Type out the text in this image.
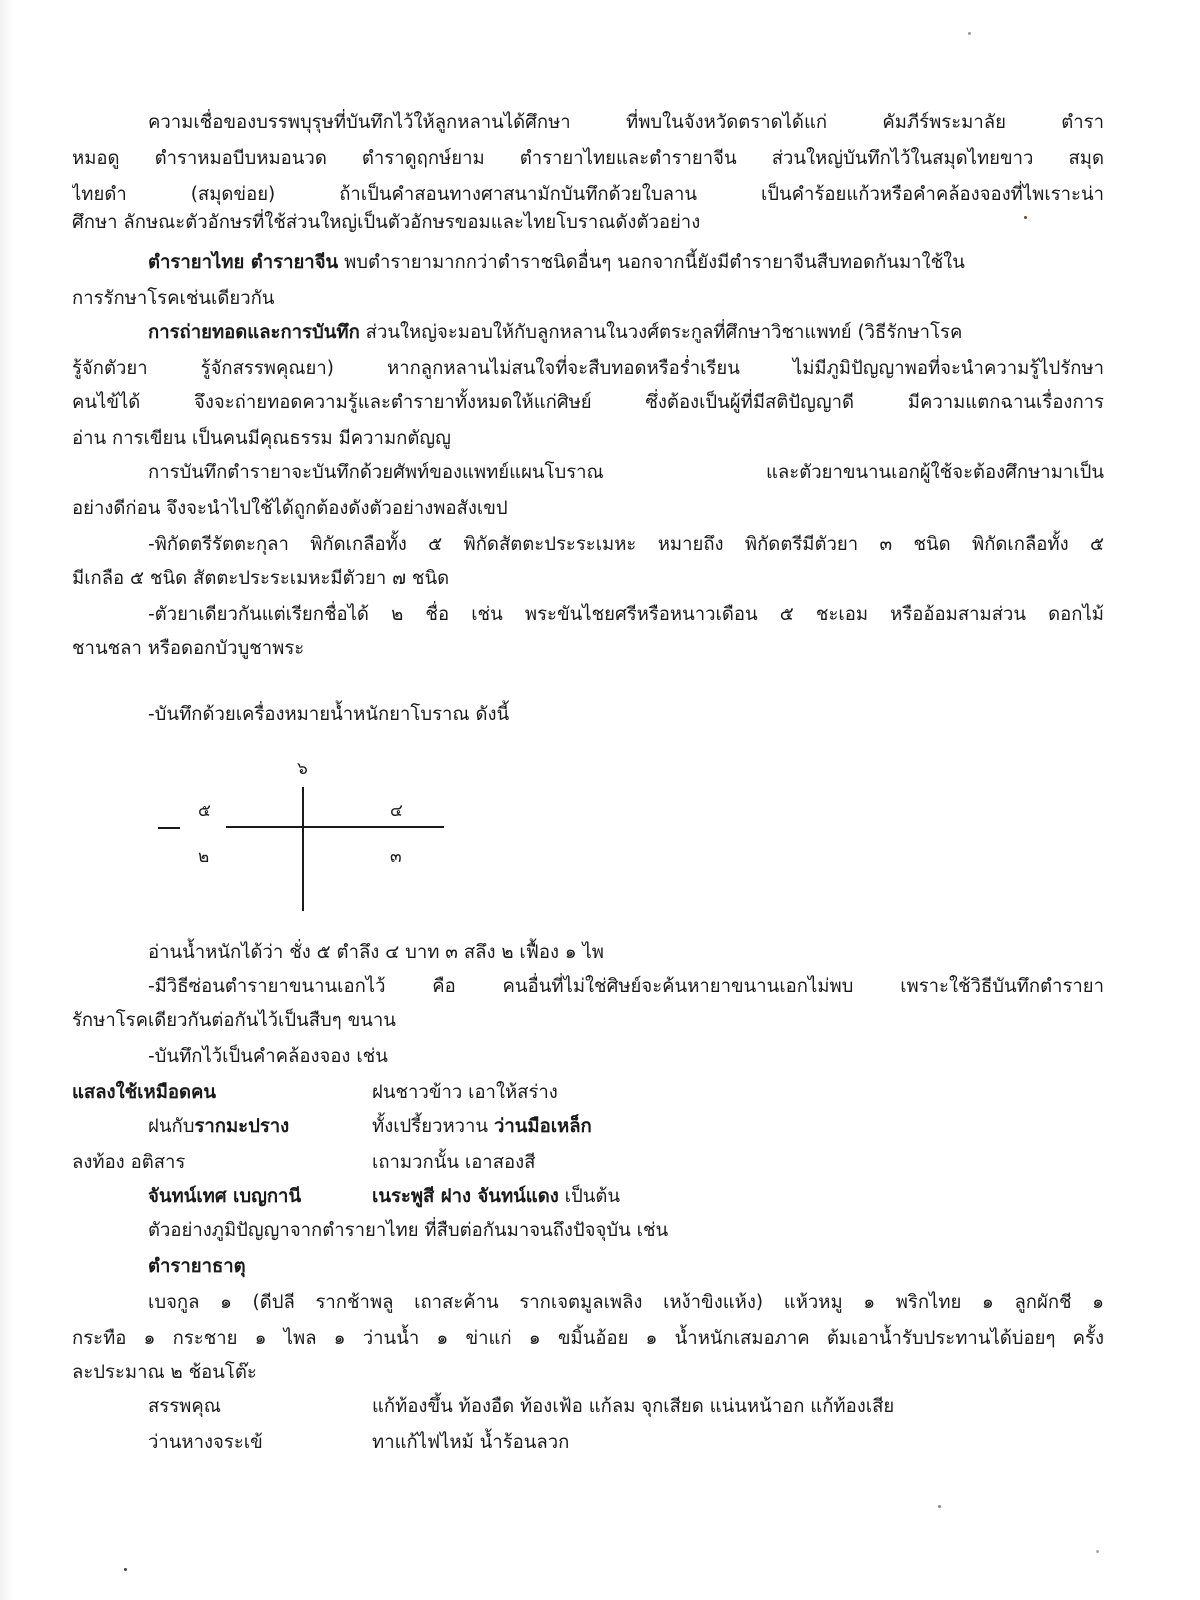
ความเชื่อของบรรพบุรุษที่บันทึกไว้ให้ลูกหลานได้ศึกษา ที่พบในจังหวัดตราดได้แก่ คัมภีร์พระมาลัย ตำรา
หมอดู ตำราหมอบีบหมอนวด ตำราดูฤกษ์ยาม ตำรายาไทยและตำรายาจีน ส่วนใหญ่บันทึกไว้ในสมุดไทยขาว สมุด
ไทยดำ (สมุดข่อย) ถ้าเป็นคำสอนทางศาสนามักบันทึกด้วยใบลาน เป็นคำร้อยแก้วหรือคำคล้องจองที่ไพเราะน่า
ศึกษา ลักษณะตัวอักษรที่ใช้ส่วนใหญ่เป็นตัวอักษรขอมและไทยโบราณดังตัวอย่าง
ตำรายาไทย ตำรายาจีน พบตำรายามากกว่าตำราชนิดอื่นๆ นอกจากนี้ยังมีตำรายาจีนสืบทอดกันมาใช้ใน
การรักษาโรคเช่นเดียวกัน
การถ่ายทอดและการบันทึก ส่วนใหญ่จะมอบให้กับลูกหลานในวงศ์ตระกูลที่ศึกษาวิชาแพทย์ (วิธีรักษาโรค
รู้จักตัวยา รู้จักสรรพคุณยา) หากลูกหลานไม่สนใจที่จะสืบทอดหรือร่ำเรียน ไม่มีภูมิปัญญาพอที่จะนำความรู้ไปรักษา
คนไข้ได้ จึงจะถ่ายทอดความรู้และตำรายาทั้งหมดให้แก่ศิษย์ ซึ่งต้องเป็นผู้ที่มีสติปัญญาดี มีความแตกฉานเรื่องการ
อ่าน การเขียน เป็นคนมีคุณธรรม มีความกตัญญู
การบันทึกตำรายาจะบันทึกด้วยศัพท์ของแพทย์แผนโบราณ และตัวยาขนานเอกผู้ใช้จะต้องศึกษามาเป็น
อย่างดีก่อน จึงจะนำไปใช้ได้ถูกต้องดังตัวอย่างพอสังเขป
-พิกัดตรีรัตตะกุลา พิกัดเกลือทั้ง ๕ พิกัดสัตตะประระเมหะ หมายถึง พิกัดตรีมีตัวยา ๓ ชนิด พิกัดเกลือทั้ง ๕
มีเกลือ ๕ ชนิด สัตตะประระเมหะมีตัวยา ๗ ชนิด
-ตัวยาเดียวกันแต่เรียกชื่อได้ ๒ ชื่อ เช่น พระขันไชยศรีหรือหนาวเดือน ๕ ชะเอม หรืออ้อมสามส่วน ดอกไม้
ชานชลา หรือดอกบัวบูชาพระ
-บันทึกด้วยเครื่องหมายน้ำหนักยาโบราณ ดังนี้
๖
๕	๔
๒	๓
อ่านน้ำหนักได้ว่า ชั่ง ๕ ตำลึง ๔ บาท ๓ สลึง ๒ เฟื้อง ๑ ไพ
-มีวิธีซ่อนตำรายาขนานเอกไว้ คือ คนอื่นที่ไม่ใช่ศิษย์จะค้นหายาขนานเอกไม่พบ เพราะใช้วิธีบันทึกตำรายา
รักษาโรคเดียวกันต่อกันไว้เป็นสืบๆ ขนาน
-บันทึกไว้เป็นคำคล้องจอง เช่น
แสลงใช้เหมือดคน	ฝนชาวข้าว เอาให้สร่าง
ฝนกับรากมะปราง	ทั้งเปรี้ยวหวาน ว่านมือเหล็ก
ลงท้อง อติสาร	เถามวกนั้น เอาสองสี
จันทน์เทศ เบญกานี	เนระพูสี ฝาง จันทน์แดง เป็นต้น
ตัวอย่างภูมิปัญญาจากตำรายาไทย ที่สืบต่อกันมาจนถึงปัจจุบัน เช่น
ตำรายาธาตุ
เบจกูล ๑ (ดีปลี รากช้าพลู เถาสะค้าน รากเจตมูลเพลิง เหง้าขิงแห้ง) แห้วหมู ๑ พริกไทย ๑ ลูกผักชี ๑
กระทือ ๑ กระชาย ๑ ไพล ๑ ว่านน้ำ ๑ ข่าแก่ ๑ ขมิ้นอ้อย ๑ น้ำหนักเสมอภาค ต้มเอาน้ำรับประทานได้บ่อยๆ ครั้ง
ละประมาณ ๒ ช้อนโต๊ะ
สรรพคุณ	แก้ท้องขึ้น ท้องอืด ท้องเฟ้อ แก้ลม จุกเสียด แน่นหน้าอก แก้ท้องเสีย
ว่านหางจระเข้	ทาแก้ไฟไหม้ น้ำร้อนลวก
